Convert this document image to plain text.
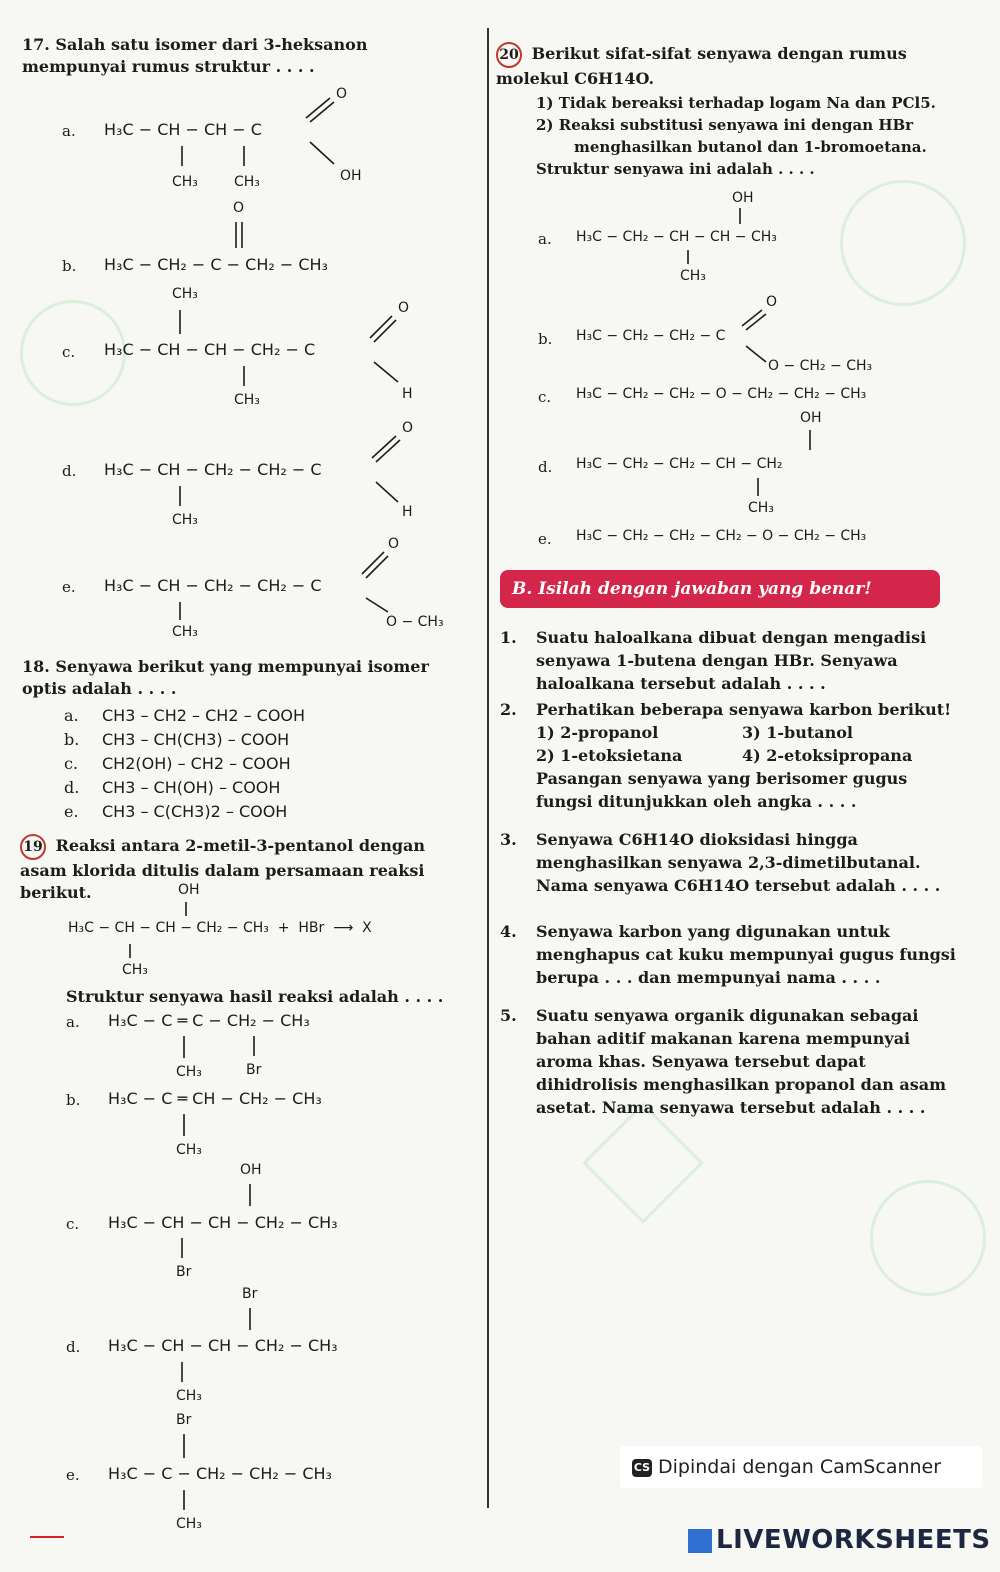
17. Salah satu isomer dari 3-heksanon mempunyai rumus struktur . . . .
a. H₃C − CH − CH − C
CH₃	CH₃
O
OH
b.
O
H₃C − CH₂ − C − CH₂ − CH₃
c.
CH₃
H₃C − CH − CH − CH₂ − C
CH₃
O
H
d. H₃C − CH − CH₂ − CH₂ − C
CH₃
O
H
e. H₃C − CH − CH₂ − CH₂ − C
CH₃
O
O − CH₃
18. Senyawa berikut yang mempunyai isomer optis adalah . . . .
a. CH3 – CH2 – CH2 – COOH
b. CH3 – CH(CH3) – COOH
c. CH2(OH) – CH2 – COOH
d. CH3 – CH(OH) – COOH
e. CH3 – C(CH3)2 – COOH
19 Reaksi antara 2-metil-3-pentanol dengan asam klorida ditulis dalam persamaan reaksi berikut.	OH
H₃C − CH − CH − CH₂ − CH₃  +  HBr  ⟶  X
CH₃
Struktur senyawa hasil reaksi adalah . . . .
a. H₃C − C ═ C − CH₂ − CH₃
CH₃	Br
b. H₃C − C ═ CH − CH₂ − CH₃
CH₃
c.
OH
H₃C − CH − CH − CH₂ − CH₃
Br
d.
Br
H₃C − CH − CH − CH₂ − CH₃
CH₃
e.
Br
H₃C − C − CH₂ − CH₂ − CH₃
CH₃
20 Berikut sifat-sifat senyawa dengan rumus molekul C6H14O.
1) Tidak bereaksi terhadap logam Na dan PCl5.
2) Reaksi substitusi senyawa ini dengan HBr menghasilkan butanol dan 1-bromoetana.
Struktur senyawa ini adalah . . . .
a.
OH
H₃C − CH₂ − CH − CH − CH₃
CH₃
b. H₃C − CH₂ − CH₂ − C
O
O − CH₂ − CH₃
c. H₃C − CH₂ − CH₂ − O − CH₂ − CH₂ − CH₃
d.
OH
H₃C − CH₂ − CH₂ − CH − CH₂
CH₃
e. H₃C − CH₂ − CH₂ − CH₂ − O − CH₂ − CH₃
B. Isilah dengan jawaban yang benar!
1. Suatu haloalkana dibuat dengan mengadisi senyawa 1-butena dengan HBr. Senyawa haloalkana tersebut adalah . . . .
2. Perhatikan beberapa senyawa karbon berikut!
1) 2-propanol	3) 1-butanol
2) 1-etoksietana	4) 2-etoksipropana
Pasangan senyawa yang berisomer gugus fungsi ditunjukkan oleh angka . . . .
3. Senyawa C6H14O dioksidasi hingga menghasilkan senyawa 2,3-dimetilbutanal. Nama senyawa C6H14O tersebut adalah . . . .
4. Senyawa karbon yang digunakan untuk menghapus cat kuku mempunyai gugus fungsi berupa . . . dan mempunyai nama . . . .
5. Suatu senyawa organik digunakan sebagai bahan aditif makanan karena mempunyai aroma khas. Senyawa tersebut dapat dihidrolisis menghasilkan propanol dan asam asetat. Nama senyawa tersebut adalah . . . .
CS Dipindai dengan CamScanner
LIVEWORKSHEETS
